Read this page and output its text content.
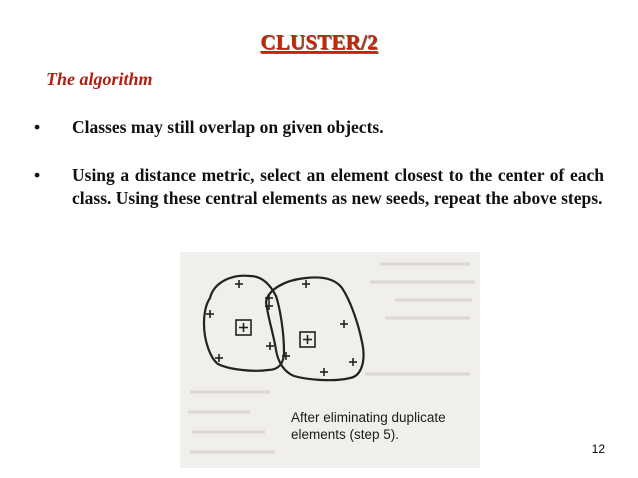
CLUSTER/2
The algorithm
• Classes may still overlap on given objects.
• Using a distance metric, select an element closest to the center of each class. Using these central elements as new seeds, repeat the above steps.
After eliminating duplicate
elements (step 5).
12
